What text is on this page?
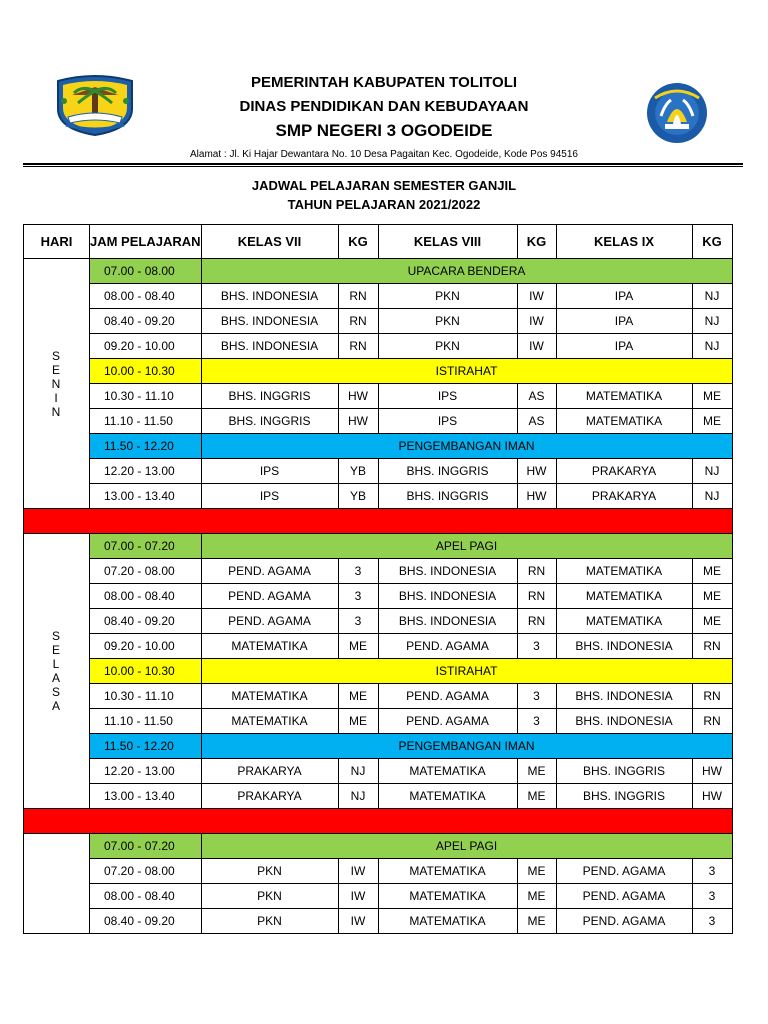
PEMERINTAH KABUPATEN TOLITOLI
DINAS PENDIDIKAN DAN KEBUDAYAAN
SMP NEGERI 3 OGODEIDE
Alamat : Jl. Ki Hajar Dewantara No. 10 Desa Pagaitan Kec. Ogodeide, Kode Pos 94516
JADWAL PELAJARAN SEMESTER GANJIL
TAHUN PELAJARAN 2021/2022
HARI	JAM PELAJARAN	KELAS VII	KG	KELAS VIII	KG	KELAS IX	KG
S E N I N	07.00 - 08.00	UPACARA BENDERA					
	08.00 - 08.40	BHS. INDONESIA	RN	PKN	IW	IPA	NJ
	08.40 - 09.20	BHS. INDONESIA	RN	PKN	IW	IPA	NJ
	09.20 - 10.00	BHS. INDONESIA	RN	PKN	IW	IPA	NJ
	10.00 - 10.30	ISTIRAHAT					
	10.30 - 11.10	BHS. INGGRIS	HW	IPS	AS	MATEMATIKA	ME
	11.10 - 11.50	BHS. INGGRIS	HW	IPS	AS	MATEMATIKA	ME
	11.50 - 12.20	PENGEMBANGAN IMAN					
	12.20 - 13.00	IPS	YB	BHS. INGGRIS	HW	PRAKARYA	NJ
	13.00 - 13.40	IPS	YB	BHS. INGGRIS	HW	PRAKARYA	NJ

S E L A S A	07.00 - 07.20	APEL PAGI					
	07.20 - 08.00	PEND. AGAMA	3	BHS. INDONESIA	RN	MATEMATIKA	ME
	08.00 - 08.40	PEND. AGAMA	3	BHS. INDONESIA	RN	MATEMATIKA	ME
	08.40 - 09.20	PEND. AGAMA	3	BHS. INDONESIA	RN	MATEMATIKA	ME
	09.20 - 10.00	MATEMATIKA	ME	PEND. AGAMA	3	BHS. INDONESIA	RN
	10.00 - 10.30	ISTIRAHAT					
	10.30 - 11.10	MATEMATIKA	ME	PEND. AGAMA	3	BHS. INDONESIA	RN
	11.10 - 11.50	MATEMATIKA	ME	PEND. AGAMA	3	BHS. INDONESIA	RN
	11.50 - 12.20	PENGEMBANGAN IMAN					
	12.20 - 13.00	PRAKARYA	NJ	MATEMATIKA	ME	BHS. INGGRIS	HW
	13.00 - 13.40	PRAKARYA	NJ	MATEMATIKA	ME	BHS. INGGRIS	HW

	07.00 - 07.20	APEL PAGI					
	07.20 - 08.00	PKN	IW	MATEMATIKA	ME	PEND. AGAMA	3
	08.00 - 08.40	PKN	IW	MATEMATIKA	ME	PEND. AGAMA	3
	08.40 - 09.20	PKN	IW	MATEMATIKA	ME	PEND. AGAMA	3
